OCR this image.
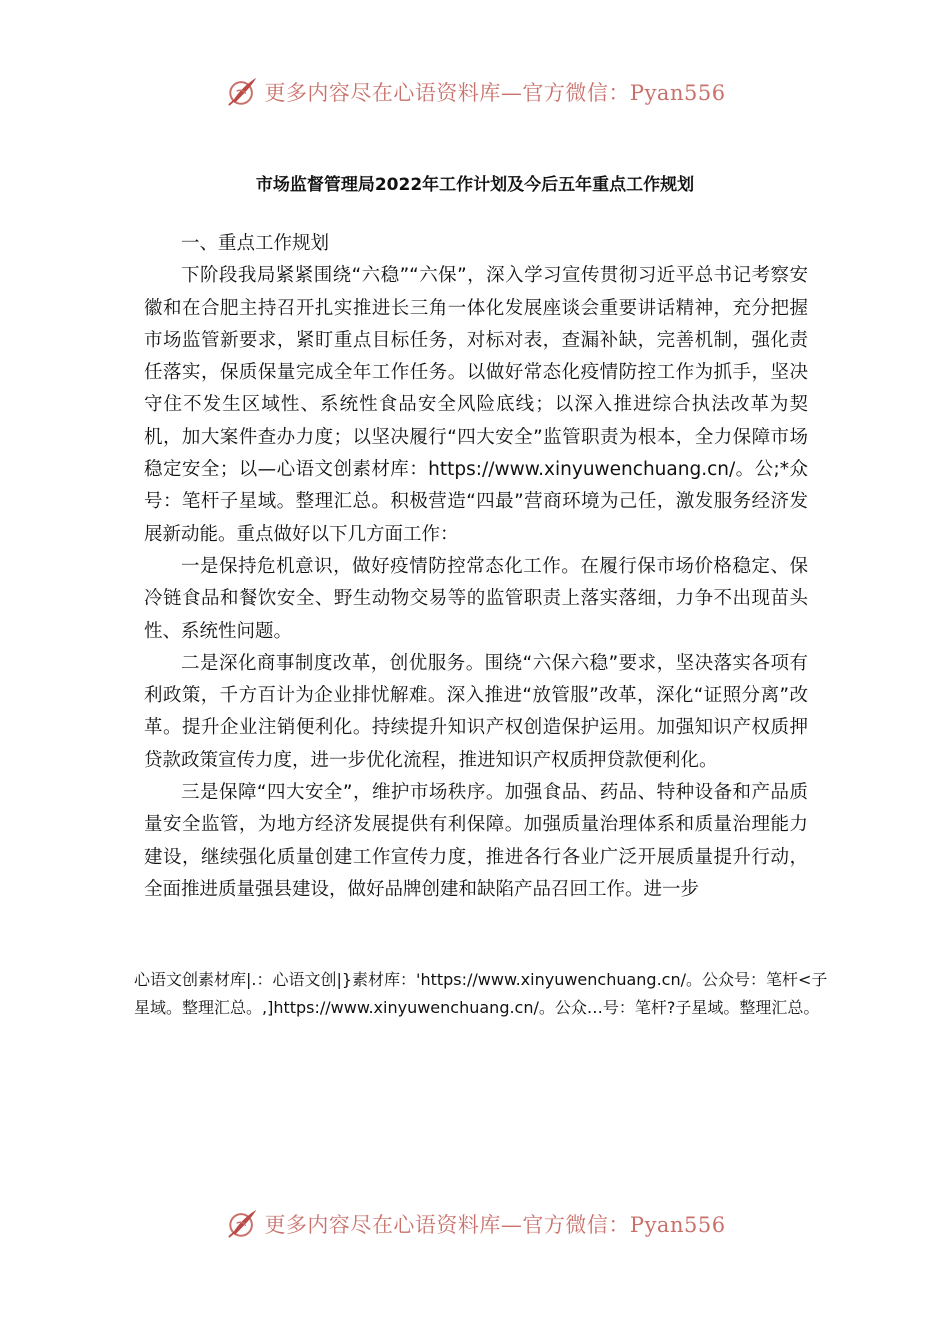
更多内容尽在心语资料库—官方微信：Pyan556
市场监督管理局2022年工作计划及今后五年重点工作规划

一、重点工作规划

下阶段我局紧紧围绕“六稳”“六保”，深入学习宣传贯彻习近平总书记考察安徽和在合肥主持召开扎实推进长三角一体化发展座谈会重要讲话精神，充分把握市场监管新要求，紧盯重点目标任务，对标对表，查漏补缺，完善机制，强化责任落实，保质保量完成全年工作任务。以做好常态化疫情防控工作为抓手，坚决守住不发生区域性、系统性食品安全风险底线；以深入推进综合执法改革为契机，加大案件查办力度；以坚决履行“四大安全”监管职责为根本，全力保障市场稳定安全；以—心语文创素材库：https://www.xinyuwenchuang.cn/。公;*众号：笔杆子星域。整理汇总。积极营造“四最”营商环境为己任，激发服务经济发展新动能。重点做好以下几方面工作：

一是保持危机意识，做好疫情防控常态化工作。在履行保市场价格稳定、保冷链食品和餐饮安全、野生动物交易等的监管职责上落实落细，力争不出现苗头性、系统性问题。

二是深化商事制度改革，创优服务。围绕“六保六稳”要求，坚决落实各项有利政策，千方百计为企业排忧解难。深入推进“放管服”改革，深化“证照分离”改革。提升企业注销便利化。持续提升知识产权创造保护运用。加强知识产权质押贷款政策宣传力度，进一步优化流程，推进知识产权质押贷款便利化。

三是保障“四大安全”，维护市场秩序。加强食品、药品、特种设备和产品质量安全监管，为地方经济发展提供有利保障。加强质量治理体系和质量治理能力建设，继续强化质量创建工作宣传力度，推进各行各业广泛开展质量提升行动，全面推进质量强县建设，做好品牌创建和缺陷产品召回工作。进一步

心语文创素材库|.：心语文创|}素材库：'https://www.xinyuwenchuang.cn/。公众号：笔杆<子星域。整理汇总。,]https://www.xinyuwenchuang.cn/。公众…号：笔杆?子星域。整理汇总。

更多内容尽在心语资料库—官方微信：Pyan556
